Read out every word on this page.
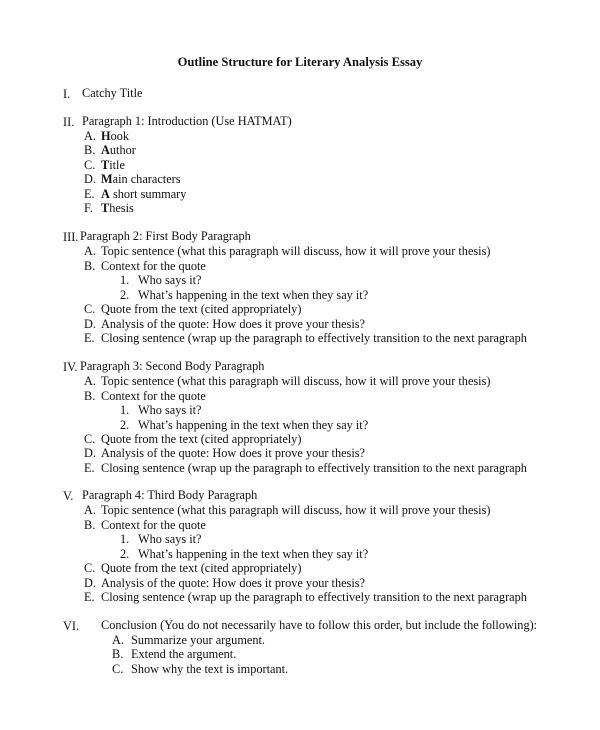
Outline Structure for Literary Analysis Essay
I. Catchy Title
II. Paragraph 1: Introduction (Use HATMAT)
A. Hook
B. Author
C. Title
D. Main characters
E. A short summary
F. Thesis
III. Paragraph 2: First Body Paragraph
A. Topic sentence (what this paragraph will discuss, how it will prove your thesis)
B. Context for the quote
1. Who says it?
2. What’s happening in the text when they say it?
C. Quote from the text (cited appropriately)
D. Analysis of the quote: How does it prove your thesis?
E. Closing sentence (wrap up the paragraph to effectively transition to the next paragraph
IV. Paragraph 3: Second Body Paragraph
A. Topic sentence (what this paragraph will discuss, how it will prove your thesis)
B. Context for the quote
1. Who says it?
2. What’s happening in the text when they say it?
C. Quote from the text (cited appropriately)
D. Analysis of the quote: How does it prove your thesis?
E. Closing sentence (wrap up the paragraph to effectively transition to the next paragraph
V. Paragraph 4: Third Body Paragraph
A. Topic sentence (what this paragraph will discuss, how it will prove your thesis)
B. Context for the quote
1. Who says it?
2. What’s happening in the text when they say it?
C. Quote from the text (cited appropriately)
D. Analysis of the quote: How does it prove your thesis?
E. Closing sentence (wrap up the paragraph to effectively transition to the next paragraph
VI. Conclusion (You do not necessarily have to follow this order, but include the following):
A. Summarize your argument.
B. Extend the argument.
C. Show why the text is important.
